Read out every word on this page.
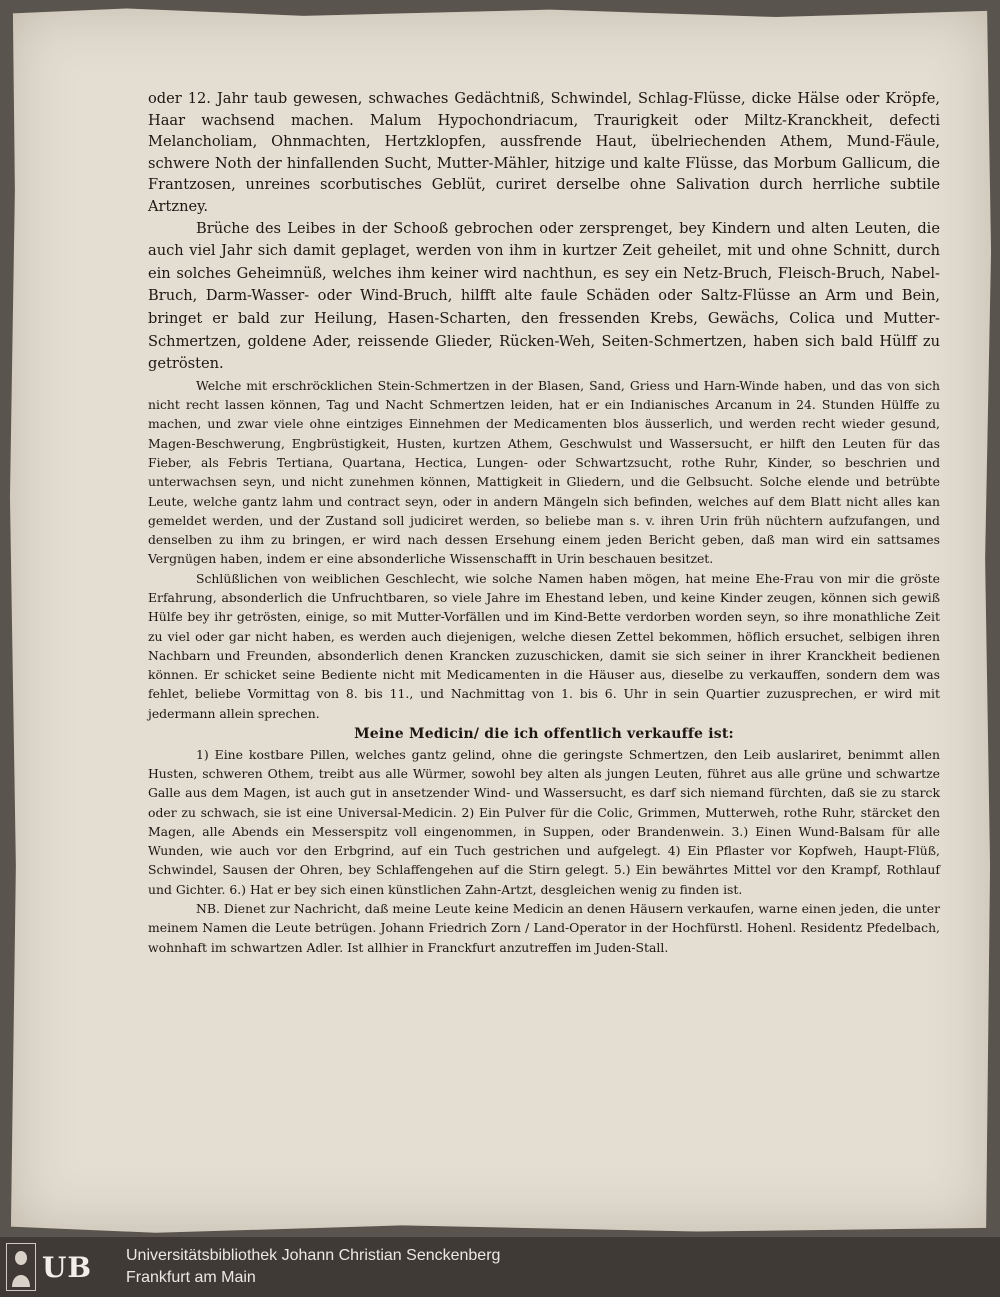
oder 12. Jahr taub gewesen, schwaches Gedächtniß, Schwindel, Schlag-Flüsse, dicke Hälse oder Kröpfe, Haar wachsend machen. Malum Hypochondriacum, Traurigkeit oder Miltz-Kranckheit, defecti Melancholiam, Ohnmachten, Hertzklopfen, aussfrende Haut, übelriechenden Athem, Mund-Fäule, schwere Noth der hinfallenden Sucht, Mutter-Mähler, hitzige und kalte Flüsse, das Morbum Gallicum, die Frantzosen, unreines scorbutisches Geblüt, curiret derselbe ohne Salivation durch herrliche subtile Artzney.

Brüche des Leibes in der Schooß gebrochen oder zersprenget, bey Kindern und alten Leuten, die auch viel Jahr sich damit geplaget, werden von ihm in kurtzer Zeit geheilet, mit und ohne Schnitt, durch ein solches Geheimnüß, welches ihm keiner wird nachthun, es sey ein Netz-Bruch, Fleisch-Bruch, Nabel-Bruch, Darm-Wasser- oder Wind-Bruch, hilfft alte faule Schäden oder Saltz-Flüsse an Arm und Bein, bringet er bald zur Heilung, Hasen-Scharten, den fressenden Krebs, Gewächs, Colica und Mutter-Schmertzen, goldene Ader, reissende Glieder, Rücken-Weh, Seiten-Schmertzen, haben sich bald Hülff zu getrösten.

Welche mit erschröcklichen Stein-Schmertzen in der Blasen, Sand, Griess und Harn-Winde haben, und das von sich nicht recht lassen können, Tag und Nacht Schmertzen leiden, hat er ein Indianisches Arcanum in 24. Stunden Hülffe zu machen, und zwar viele ohne eintziges Einnehmen der Medicamenten blos äusserlich, und werden recht wieder gesund, Magen-Beschwerung, Engbrüstigkeit, Husten, kurtzen Athem, Geschwulst und Wassersucht, er hilft den Leuten für das Fieber, als Febris Tertiana, Quartana, Hectica, Lungen- oder Schwartzsucht, rothe Ruhr, Kinder, so beschrien und unterwachsen seyn, und nicht zunehmen können, Mattigkeit in Gliedern, und die Gelbsucht. Solche elende und betrübte Leute, welche gantz lahm und contract seyn, oder in andern Mängeln sich befinden, welches auf dem Blatt nicht alles kan gemeldet werden, und der Zustand soll judiciret werden, so beliebe man s. v. ihren Urin früh nüchtern aufzufangen, und denselben zu ihm zu bringen, er wird nach dessen Ersehung einem jeden Bericht geben, daß man wird ein sattsames Vergnügen haben, indem er eine absonderliche Wissenschafft in Urin beschauen besitzet.

Schlüßlichen von weiblichen Geschlecht, wie solche Namen haben mögen, hat meine Ehe-Frau von mir die gröste Erfahrung, absonderlich die Unfruchtbaren, so viele Jahre im Ehestand leben, und keine Kinder zeugen, können sich gewiß Hülfe bey ihr getrösten, einige, so mit Mutter-Vorfällen und im Kind-Bette verdorben worden seyn, so ihre monathliche Zeit zu viel oder gar nicht haben, es werden auch diejenigen, welche diesen Zettel bekommen, höflich ersuchet, selbigen ihren Nachbarn und Freunden, absonderlich denen Krancken zuzuschicken, damit sie sich seiner in ihrer Kranckheit bedienen können. Er schicket seine Bediente nicht mit Medicamenten in die Häuser aus, dieselbe zu verkauffen, sondern dem was fehlet, beliebe Vormittag von 8. bis 11., und Nachmittag von 1. bis 6. Uhr in sein Quartier zuzusprechen, er wird mit jedermann allein sprechen.

Meine Medicin/ die ich offentlich verkauffe ist:

1) Eine kostbare Pillen, welches gantz gelind, ohne die geringste Schmertzen, den Leib auslariret, benimmt allen Husten, schweren Othem, treibt aus alle Würmer, sowohl bey alten als jungen Leuten, führet aus alle grüne und schwartze Galle aus dem Magen, ist auch gut in ansetzender Wind- und Wassersucht, es darf sich niemand fürchten, daß sie zu starck oder zu schwach, sie ist eine Universal-Medicin. 2) Ein Pulver für die Colic, Grimmen, Mutterweh, rothe Ruhr, stärcket den Magen, alle Abends ein Messerspitz voll eingenommen, in Suppen, oder Brandenwein. 3.) Einen Wund-Balsam für alle Wunden, wie auch vor den Erbgrind, auf ein Tuch gestrichen und aufgelegt. 4) Ein Pflaster vor Kopfweh, Haupt-Flüß, Schwindel, Sausen der Ohren, bey Schlaffengehen auf die Stirn gelegt. 5.) Ein bewährtes Mittel vor den Krampf, Rothlauf und Gichter. 6.) Hat er bey sich einen künstlichen Zahn-Artzt, desgleichen wenig zu finden ist.

NB. Dienet zur Nachricht, daß meine Leute keine Medicin an denen Häusern verkaufen, warne einen jeden, die unter meinem Namen die Leute betrügen. Johann Friedrich Zorn / Land-Operator in der Hochfürstl. Hohenl. Residentz Pfedelbach, wohnhaft im schwartzen Adler. Ist allhier in Franckfurt anzutreffen im Juden-Stall.

UB Universitätsbibliothek Johann Christian Senckenberg
Frankfurt am Main
